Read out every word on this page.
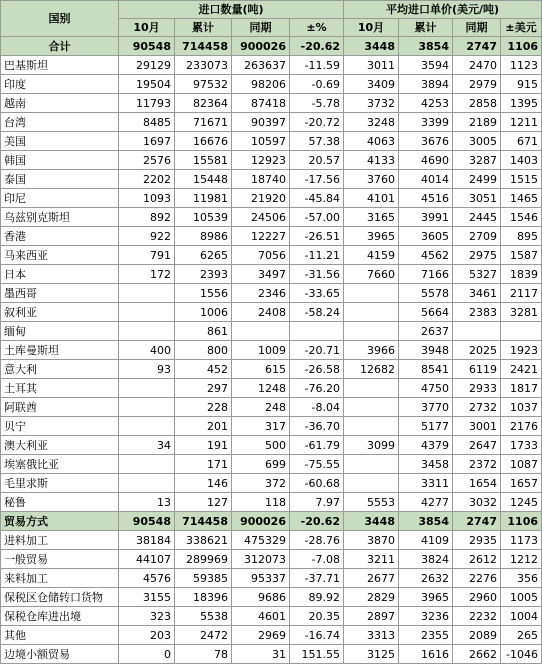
国别	进口数量(吨)				平均进口单价(美元/吨)			
	10月	累计	同期	±%	10月	累计	同期	±美元
合计	90548	714458	900026	-20.62	3448	3854	2747	1106
巴基斯坦	29129	233073	263637	-11.59	3011	3594	2470	1123
印度	19504	97532	98206	-0.69	3409	3894	2979	915
越南	11793	82364	87418	-5.78	3732	4253	2858	1395
台湾	8485	71671	90397	-20.72	3248	3399	2189	1211
美国	1697	16676	10597	57.38	4063	3676	3005	671
韩国	2576	15581	12923	20.57	4133	4690	3287	1403
泰国	2202	15448	18740	-17.56	3760	4014	2499	1515
印尼	1093	11981	21920	-45.84	4101	4516	3051	1465
乌兹别克斯坦	892	10539	24506	-57.00	3165	3991	2445	1546
香港	922	8986	12227	-26.51	3965	3605	2709	895
马来西亚	791	6265	7056	-11.21	4159	4562	2975	1587
日本	172	2393	3497	-31.56	7660	7166	5327	1839
墨西哥		1556	2346	-33.65		5578	3461	2117
叙利亚		1006	2408	-58.24		5664	2383	3281
缅甸		861				2637		
土库曼斯坦	400	800	1009	-20.71	3966	3948	2025	1923
意大利	93	452	615	-26.58	12682	8541	6119	2421
土耳其		297	1248	-76.20		4750	2933	1817
阿联酋		228	248	-8.04		3770	2732	1037
贝宁		201	317	-36.70		5177	3001	2176
澳大利亚	34	191	500	-61.79	3099	4379	2647	1733
埃塞俄比亚		171	699	-75.55		3458	2372	1087
毛里求斯		146	372	-60.68		3311	1654	1657
秘鲁	13	127	118	7.97	5553	4277	3032	1245
贸易方式	90548	714458	900026	-20.62	3448	3854	2747	1106
进料加工	38184	338621	475329	-28.76	3870	4109	2935	1173
一般贸易	44107	289969	312073	-7.08	3211	3824	2612	1212
来料加工	4576	59385	95337	-37.71	2677	2632	2276	356
保税区仓储转口货物	3155	18396	9686	89.92	2829	3965	2960	1005
保税仓库进出境	323	5538	4601	20.35	2897	3236	2232	1004
其他	203	2472	2969	-16.74	3313	2355	2089	265
边境小额贸易	0	78	31	151.55	3125	1616	2662	-1046
